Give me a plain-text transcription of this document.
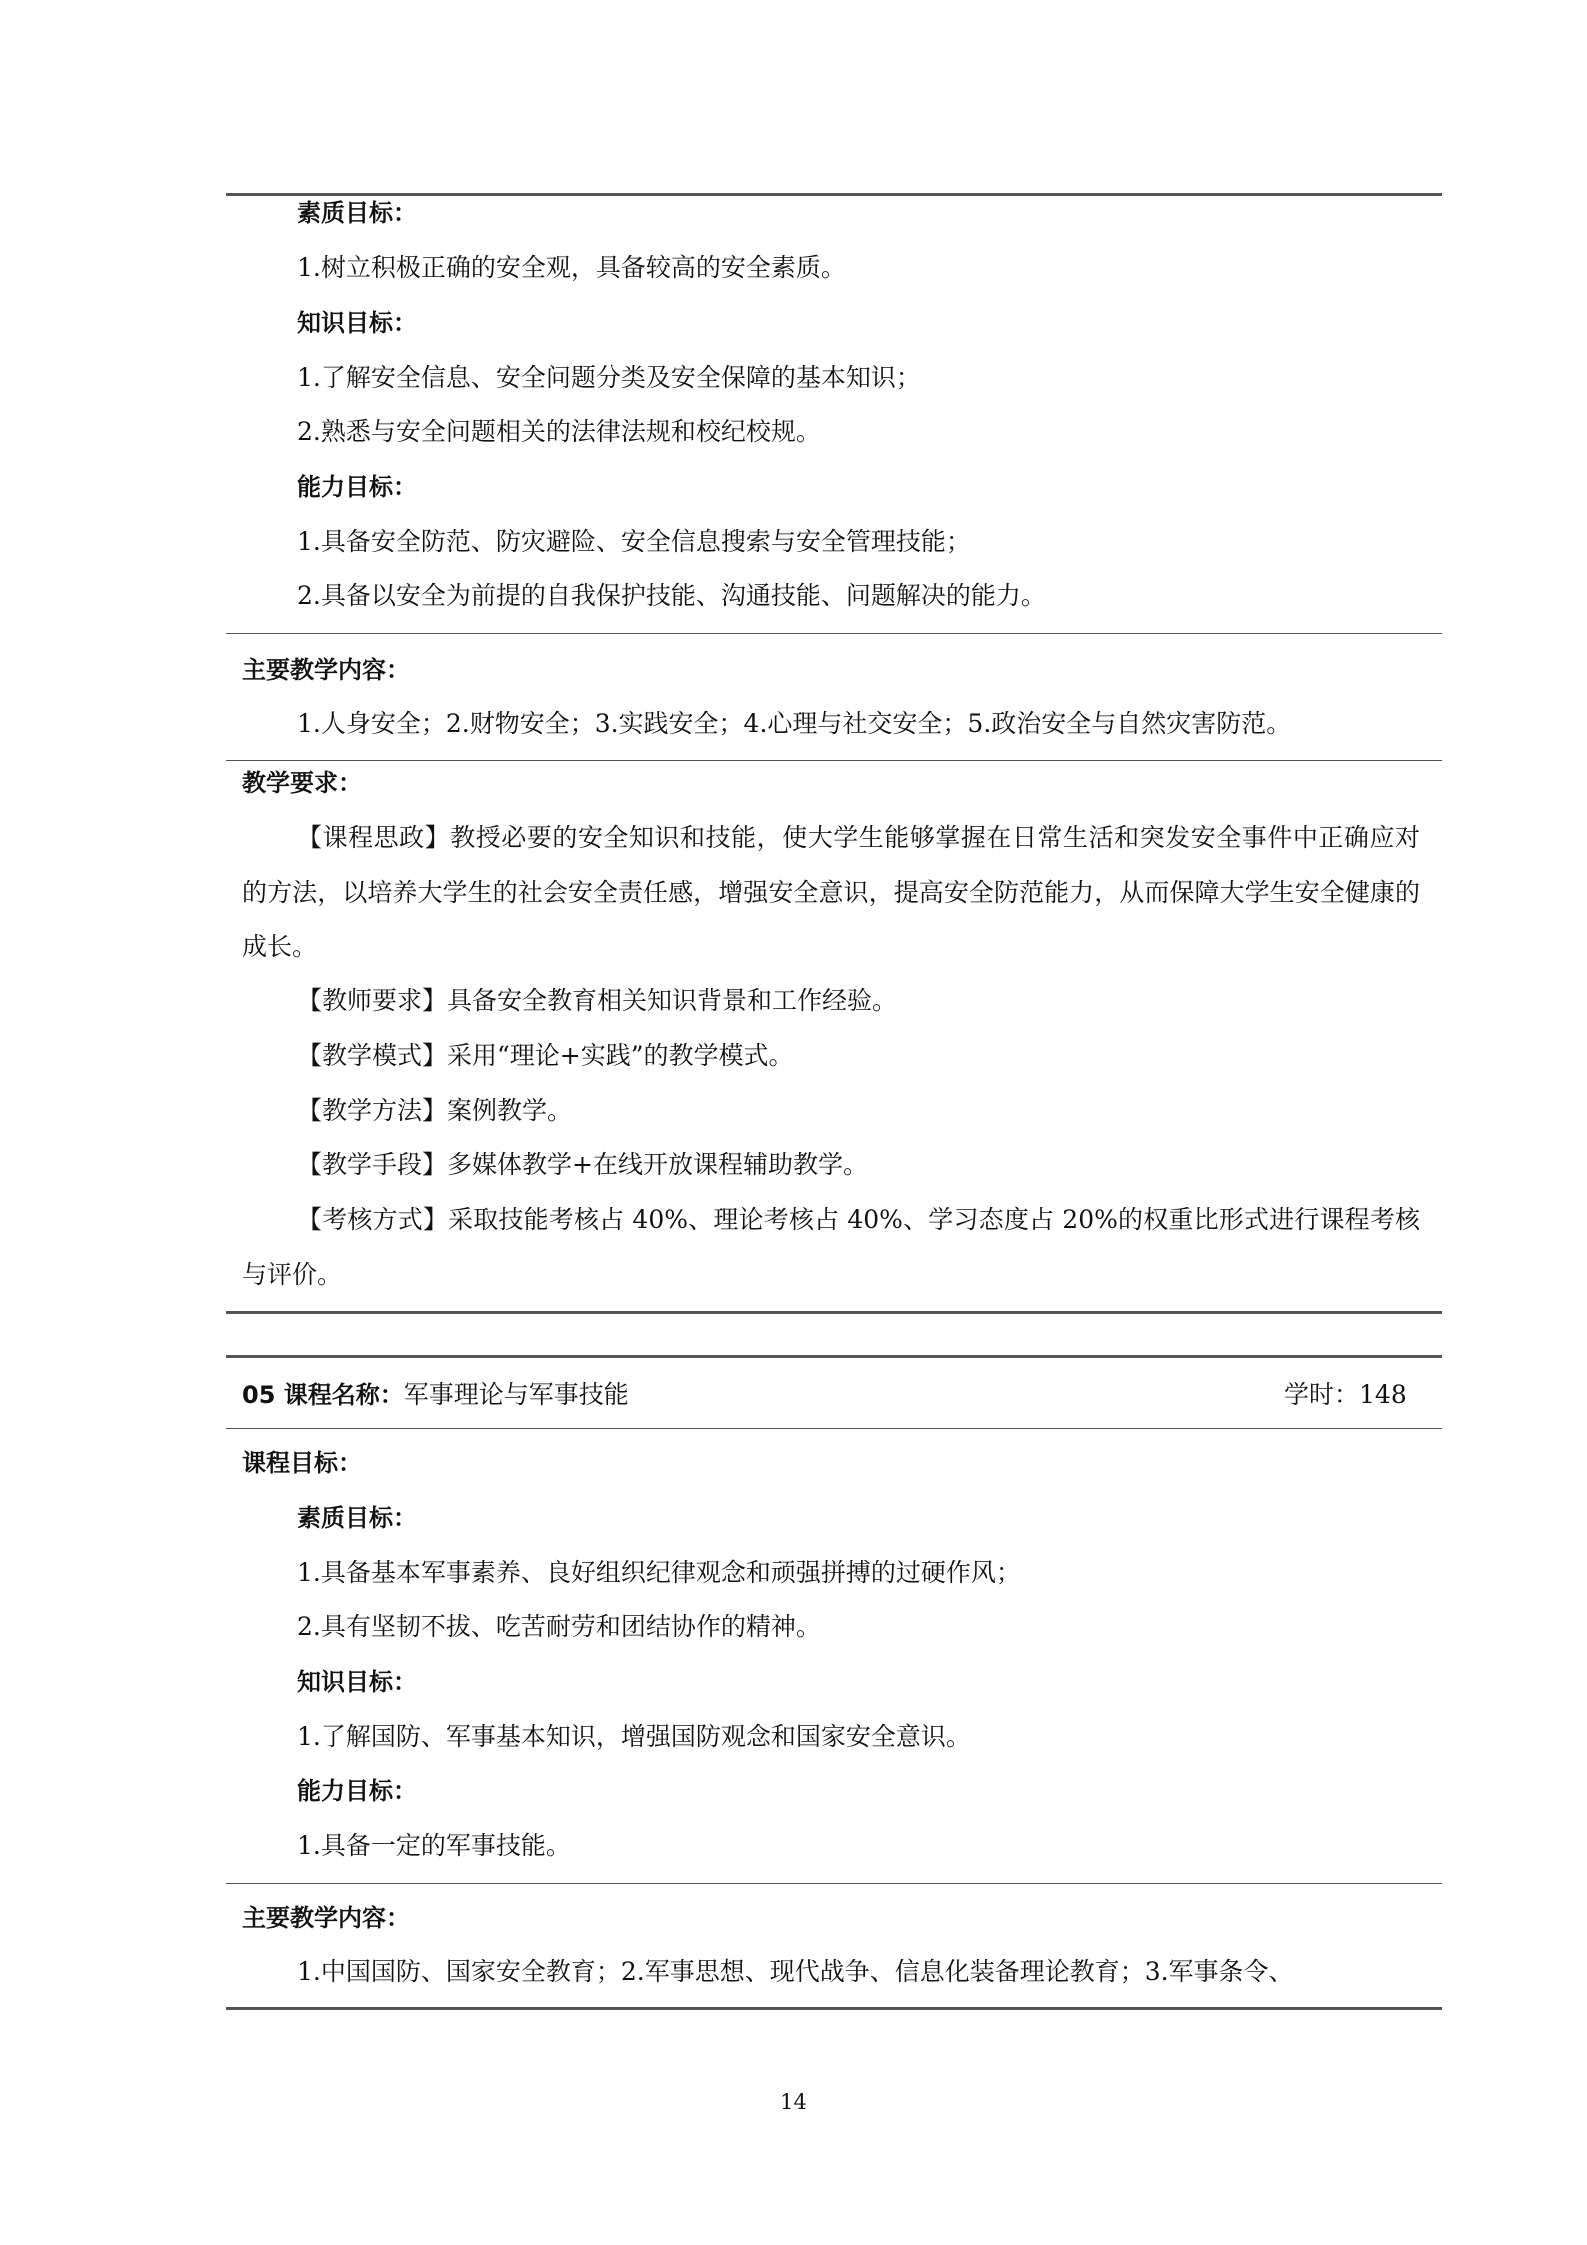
素质目标：
1.树立积极正确的安全观，具备较高的安全素质。
知识目标：
1.了解安全信息、安全问题分类及安全保障的基本知识；
2.熟悉与安全问题相关的法律法规和校纪校规。
能力目标：
1.具备安全防范、防灾避险、安全信息搜索与安全管理技能；
2.具备以安全为前提的自我保护技能、沟通技能、问题解决的能力。
主要教学内容：
1.人身安全；2.财物安全；3.实践安全；4.心理与社交安全；5.政治安全与自然灾害防范。
教学要求：
【课程思政】教授必要的安全知识和技能，使大学生能够掌握在日常生活和突发安全事件中正确应对的方法，以培养大学生的社会安全责任感，增强安全意识，提高安全防范能力，从而保障大学生安全健康的成长。
【教师要求】具备安全教育相关知识背景和工作经验。
【教学模式】采用“理论+实践”的教学模式。
【教学方法】案例教学。
【教学手段】多媒体教学+在线开放课程辅助教学。
【考核方式】采取技能考核占 40%、理论考核占 40%、学习态度占 20%的权重比形式进行课程考核与评价。
05 课程名称：军事理论与军事技能	学时：148
课程目标：
素质目标：
1.具备基本军事素养、良好组织纪律观念和顽强拼搏的过硬作风；
2.具有坚韧不拔、吃苦耐劳和团结协作的精神。
知识目标：
1.了解国防、军事基本知识，增强国防观念和国家安全意识。
能力目标：
1.具备一定的军事技能。
主要教学内容：
1.中国国防、国家安全教育；2.军事思想、现代战争、信息化装备理论教育；3.军事条令、
14
